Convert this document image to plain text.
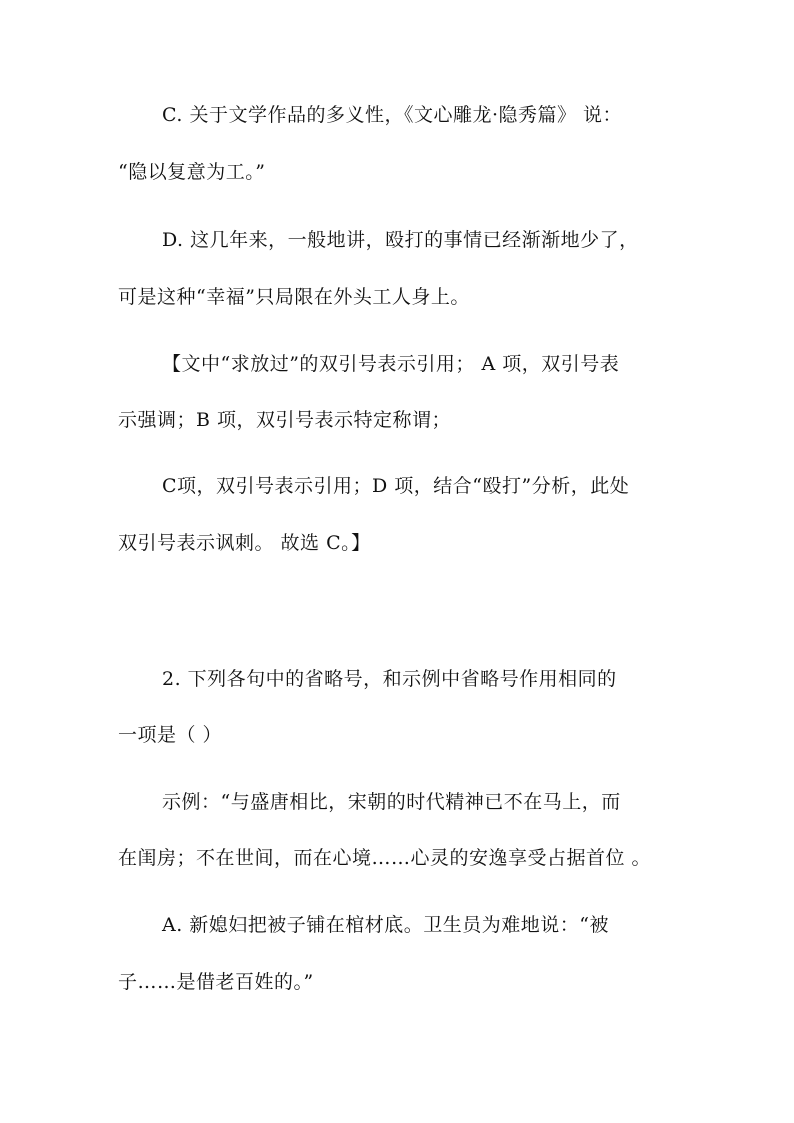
C. 关于文学作品的多义性，《文心雕龙·隐秀篇》 说：
“隐以复意为工。”
D. 这几年来，一般地讲，殴打的事情已经渐渐地少了，
可是这种“幸福”只局限在外头工人身上。
【文中“求放过”的双引号表示引用； A 项，双引号表
示强调；B 项，双引号表示特定称谓；
C项，双引号表示引用；D 项，结合“殴打”分析，此处
双引号表示讽刺。 故选 C。】
2. 下列各句中的省略号，和示例中省略号作用相同的
一项是（ ）
示例：“与盛唐相比，宋朝的时代精神已不在马上，而
在闺房；不在世间，而在心境……心灵的安逸享受占据首位 。
A. 新媳妇把被子铺在棺材底。卫生员为难地说：“被
子……是借老百姓的。”
